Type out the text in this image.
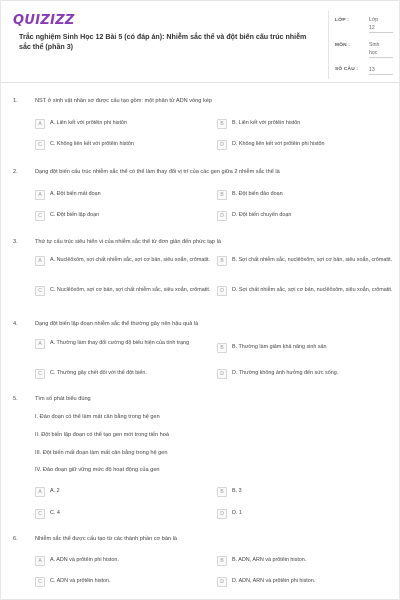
QUIZIZZ
Trắc nghiệm Sinh Học 12 Bài 5 (có đáp án): Nhiễm sắc thể và đột biến cấu trúc nhiễm sắc thể (phần 3)
LỚP :	Lớp
12
MÔN :	Sinh
học
SỐ CÂU : 13
1.	NST ở sinh vật nhân sơ được cấu tạo gồm: một phân tử ADN vòng kép
A	A. Liên kết với prôtêin phi histôn	B	B. Liên kết với prôtêin histôn
C	C. Không liên kết với prôtêin histôn	D	D. Không liên kết với prôtêin phi histôn
2.	Dạng đột biến cấu trúc nhiễm sắc thể có thể làm thay đổi vị trí của các gen giữa 2 nhiễm sắc thể là
A	A. Đột biến mất đoạn	B	B. Đột biến đảo đoạn
C	C. Đột biến lặp đoạn	D	D. Đột biến chuyển đoạn
3.	Thứ tự cấu trúc siêu hiển vi của nhiễm sắc thể từ đơn giản đến phức tạp là
A	A. Nuclêôxôm, sợi chất nhiễm sắc, sợi cơ bản, siêu xoắn, crômatit.	B	B. Sợi chất nhiễm sắc, nuclêôxôm, sợi cơ bản, siêu xoắn, crômatit.
C	C. Nuclêôxôm, sợi cơ bản, sợi chất nhiễm sắc, siêu xoắn, crômatit.	D	D. Sợi chất nhiễm sắc, sợi cơ bản, nuclêôxôm, siêu xoắn, crômatit.
4.	Dạng đột biến lặp đoạn nhiễm sắc thể thường gây nên hậu quả là
A	A. Thường làm thay đổi cường độ biểu hiện của tính trạng
B	B. Thường làm giảm khả năng sinh sản
C	C. Thường gây chết đối với thể đột biến.	D	D. Thường không ảnh hưởng đến sức sống.
5.	Tìm số phát biểu đúng
I. Đảo đoạn có thể làm mất cân bằng trong hệ gen
II. Đột biến lặp đoạn có thể tạo gen mới trong tiến hoá
III. Đột biến mất đoạn làm mất cân bằng trong hệ gen
IV. Đảo đoạn giữ vững mức độ hoạt động của gen
A	A. 2	B	B. 3
C	C. 4	D	D. 1
6.	Nhiễm sắc thể được cấu tạo từ các thành phần cơ bản là
A	A. ADN và prôtêin phi histon.	B	B. ADN, ARN và prôtêin histon.
C	C. ADN và prôtêin histon.	D	D. ADN, ARN và prôtêin phi histon.
